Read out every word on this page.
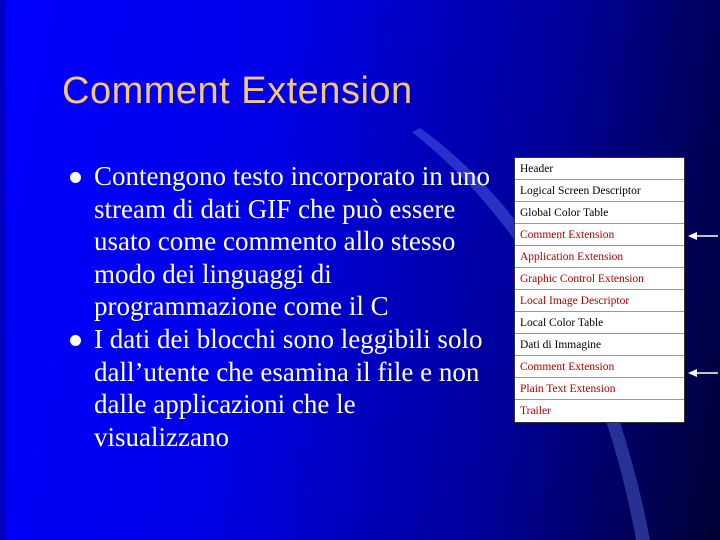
Comment Extension
Contengono testo incorporato in uno stream di dati GIF che può essere usato come commento allo stesso modo dei linguaggi di programmazione come il C
I dati dei blocchi sono leggibili solo dall’utente che esamina il file e non dalle applicazioni che le visualizzano
Header
Logical Screen Descriptor
Global Color Table
Comment Extension
Application Extension
Graphic Control Extension
Local Image Descriptor
Local Color Table
Dati di Immagine
Comment Extension
Plain Text Extension
Trailer
